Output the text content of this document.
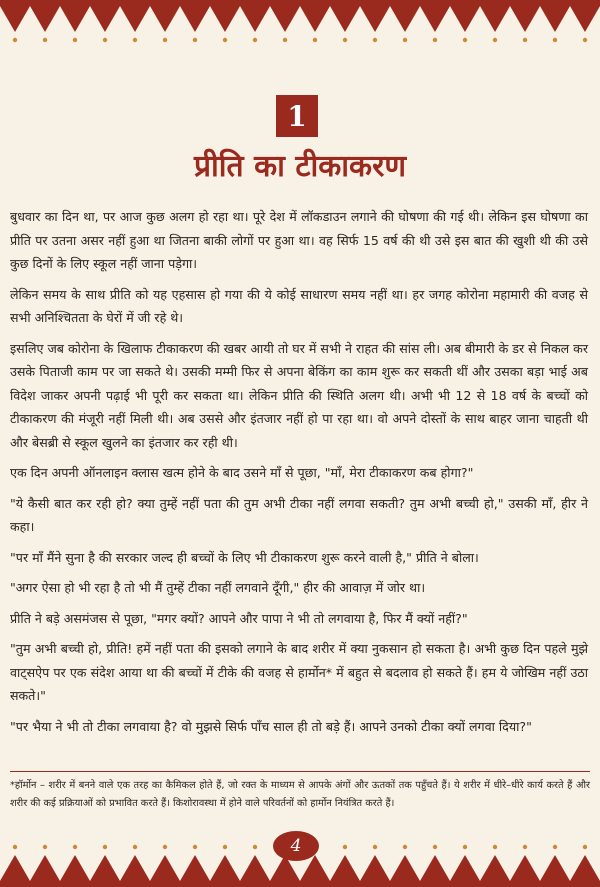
1
प्रीति का टीकाकरण

बुधवार का दिन था, पर आज कुछ अलग हो रहा था। पूरे देश में लॉकडाउन लगाने की घोषणा की गई थी। लेकिन इस घोषणा का प्रीति पर उतना असर नहीं हुआ था जितना बाकी लोगों पर हुआ था। वह सिर्फ 15 वर्ष की थी उसे इस बात की खुशी थी की उसे कुछ दिनों के लिए स्कूल नहीं जाना पड़ेगा।

लेकिन समय के साथ प्रीति को यह एहसास हो गया की ये कोई साधारण समय नहीं था। हर जगह कोरोना महामारी की वजह से सभी अनिश्चितता के घेरों में जी रहे थे।

इसलिए जब कोरोना के खिलाफ टीकाकरण की खबर आयी तो घर में सभी ने राहत की सांस ली। अब बीमारी के डर से निकल कर उसके पिताजी काम पर जा सकते थे। उसकी मम्मी फिर से अपना बेकिंग का काम शुरू कर सकती थीं और उसका बड़ा भाई अब विदेश जाकर अपनी पढ़ाई भी पूरी कर सकता था। लेकिन प्रीति की स्थिति अलग थी। अभी भी 12 से 18 वर्ष के बच्चों को टीकाकरण की मंजूरी नहीं मिली थी। अब उससे और इंतजार नहीं हो पा रहा था। वो अपने दोस्तों के साथ बाहर जाना चाहती थी और बेसब्री से स्कूल खुलने का इंतजार कर रही थी।

एक दिन अपनी ऑनलाइन क्लास खत्म होने के बाद उसने माँ से पूछा, "माँ, मेरा टीकाकरण कब होगा?"

"ये कैसी बात कर रही हो? क्या तुम्हें नहीं पता की तुम अभी टीका नहीं लगवा सकती? तुम अभी बच्ची हो," उसकी माँ, हीर ने कहा।

"पर माँ मैंने सुना है की सरकार जल्द ही बच्चों के लिए भी टीकाकरण शुरू करने वाली है," प्रीति ने बोला।

"अगर ऐसा हो भी रहा है तो भी मैं तुम्हें टीका नहीं लगवाने दूँगी," हीर की आवाज़ में जोर था।

प्रीति ने बड़े असमंजस से पूछा, "मगर क्यों? आपने और पापा ने भी तो लगवाया है, फिर मैं क्यों नहीं?"

"तुम अभी बच्ची हो, प्रीति! हमें नहीं पता की इसको लगाने के बाद शरीर में क्या नुकसान हो सकता है। अभी कुछ दिन पहले मुझे वाट्सऐप पर एक संदेश आया था की बच्चों में टीके की वजह से हार्मोन* में बहुत से बदलाव हो सकते हैं। हम ये जोखिम नहीं उठा सकते।"

"पर भैया ने भी तो टीका लगवाया है? वो मुझसे सिर्फ पाँच साल ही तो बड़े हैं। आपने उनको टीका क्यों लगवा दिया?"

*हॉर्मोन – शरीर में बनने वाले एक तरह का कैमिकल होते हैं, जो रक्त के माध्यम से आपके अंगों और ऊतकों तक पहुँचते हैं। ये शरीर में धीरे–धीरे कार्य करते हैं और शरीर की कई प्रक्रियाओं को प्रभावित करते हैं। किशोरावस्था में होने वाले परिवर्तनों को हार्मोन नियंत्रित करते हैं।
4
